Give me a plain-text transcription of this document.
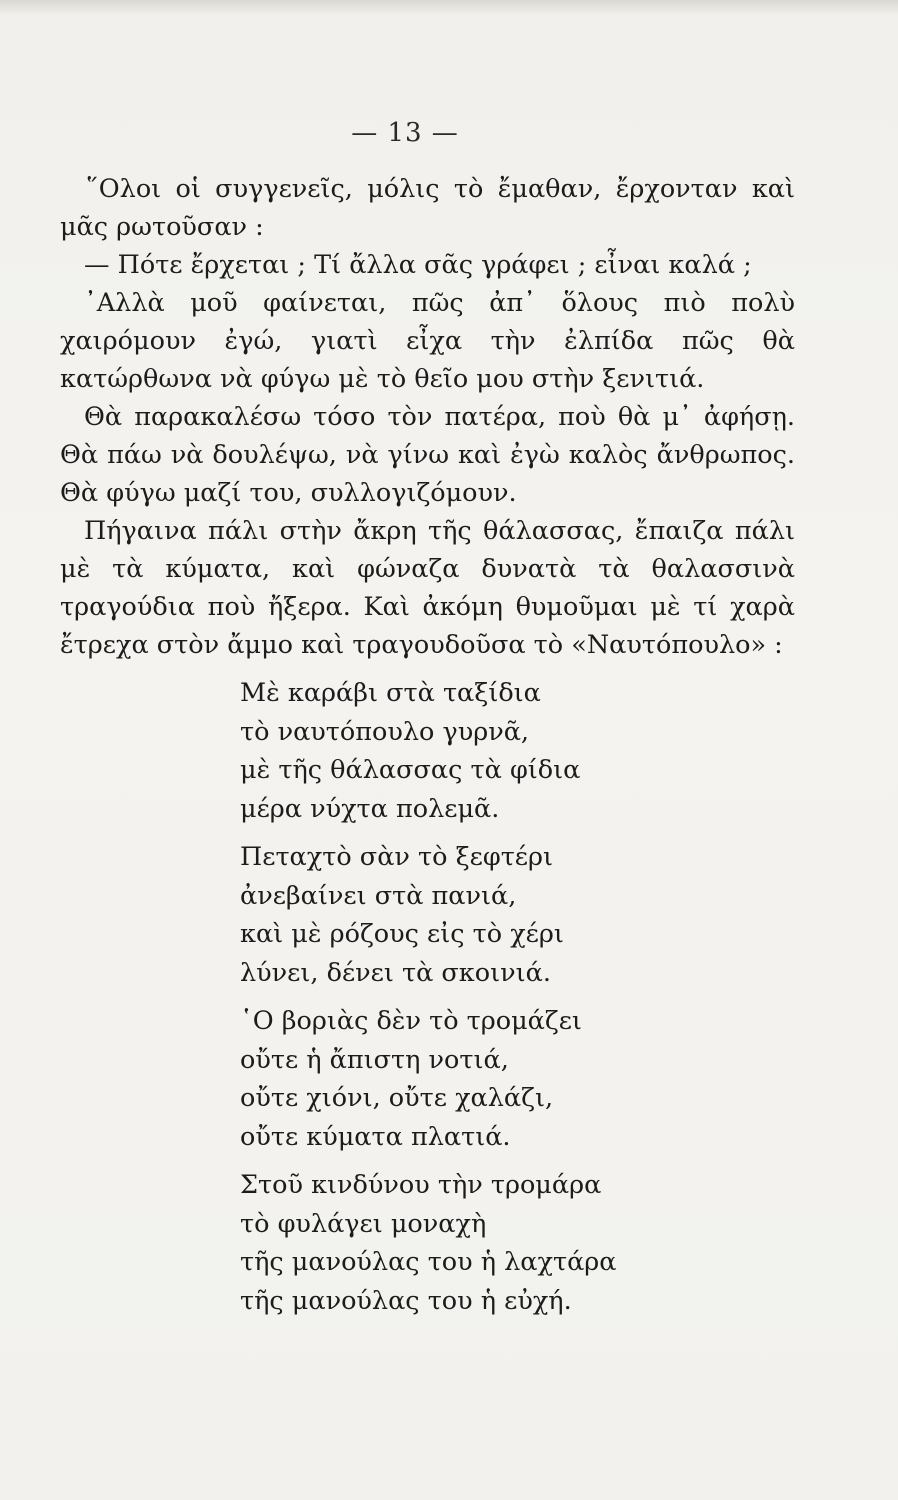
— 13 —

῞Ολοι οἱ συγγενεῖς, μόλις τὸ ἔμαθαν, ἔρχονταν καὶ μᾶς ρωτοῦσαν :

— Πότε ἔρχεται ; Τί ἄλλα σᾶς γράφει ; εἶναι καλά ;

᾿Αλλὰ μοῦ φαίνεται, πῶς ἀπ᾿ ὅλους πιὸ πολὺ χαιρόμουν ἐγώ, γιατὶ εἶχα τὴν ἐλπίδα πῶς θὰ κατώρθωνα νὰ φύγω μὲ τὸ θεῖο μου στὴν ξενιτιά.

Θὰ παρακαλέσω τόσο τὸν πατέρα, ποὺ θὰ μ᾿ ἀφήσῃ. Θὰ πάω νὰ δουλέψω, νὰ γίνω καὶ ἐγὼ καλὸς ἄνθρωπος. Θὰ φύγω μαζί του, συλλογιζόμουν.

Πήγαινα πάλι στὴν ἄκρη τῆς θάλασσας, ἔπαιζα πάλι μὲ τὰ κύματα, καὶ φώναζα δυνατὰ τὰ θαλασσινὰ τραγούδια ποὺ ἤξερα. Καὶ ἀκόμη θυμοῦμαι μὲ τί χαρὰ ἔτρεχα στὸν ἄμμο καὶ τραγουδοῦσα τὸ «Ναυτόπουλο» :

Μὲ καράβι στὰ ταξίδια
τὸ ναυτόπουλο γυρνᾶ,
μὲ τῆς θάλασσας τὰ φίδια
μέρα νύχτα πολεμᾶ.
Πεταχτὸ σὰν τὸ ξεφτέρι
ἀνεβαίνει στὰ πανιά,
καὶ μὲ ρόζους εἰς τὸ χέρι
λύνει, δένει τὰ σκοινιά.
῾Ο βοριὰς δὲν τὸ τρομάζει
οὔτε ἡ ἄπιστη νοτιά,
οὔτε χιόνι, οὔτε χαλάζι,
οὔτε κύματα πλατιά.
Στοῦ κινδύνου τὴν τρομάρα
τὸ φυλάγει μοναχὴ
τῆς μανούλας του ἡ λαχτάρα
τῆς μανούλας του ἡ εὐχή.
